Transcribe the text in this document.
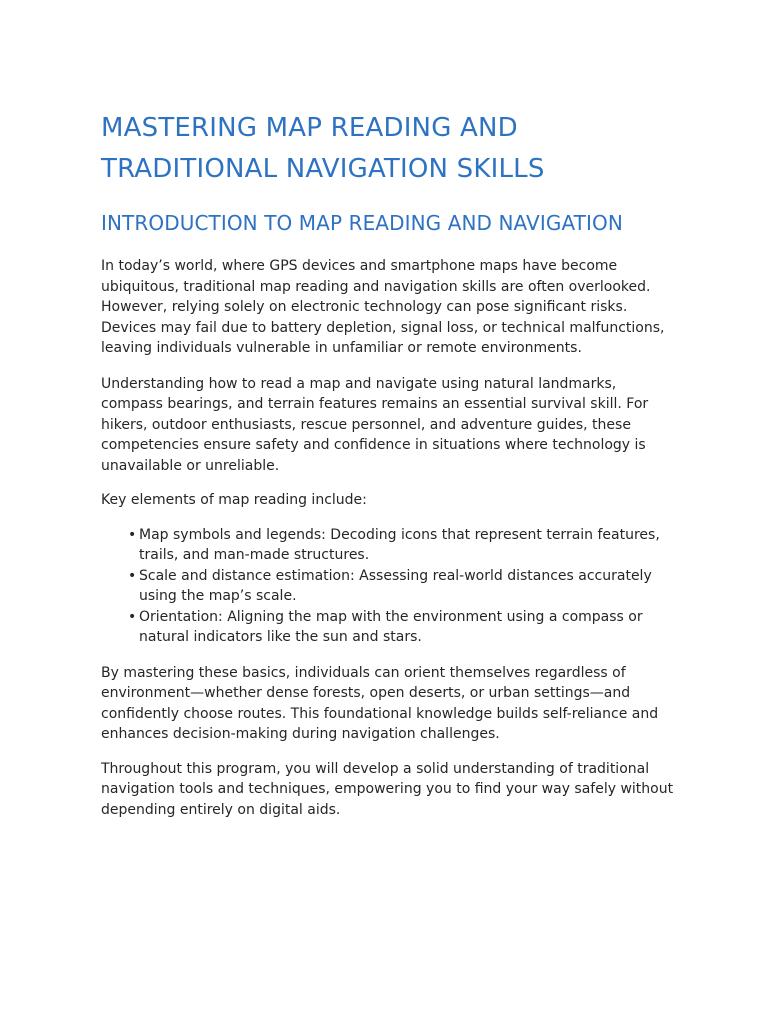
MASTERING MAP READING AND TRADITIONAL NAVIGATION SKILLS
INTRODUCTION TO MAP READING AND NAVIGATION

In today’s world, where GPS devices and smartphone maps have become ubiquitous, traditional map reading and navigation skills are often overlooked. However, relying solely on electronic technology can pose significant risks. Devices may fail due to battery depletion, signal loss, or technical malfunctions, leaving individuals vulnerable in unfamiliar or remote environments.

Understanding how to read a map and navigate using natural landmarks, compass bearings, and terrain features remains an essential survival skill. For hikers, outdoor enthusiasts, rescue personnel, and adventure guides, these competencies ensure safety and confidence in situations where technology is unavailable or unreliable.

Key elements of map reading include:

• Map symbols and legends: Decoding icons that represent terrain features, trails, and man-made structures.
• Scale and distance estimation: Assessing real-world distances accurately using the map’s scale.
• Orientation: Aligning the map with the environment using a compass or natural indicators like the sun and stars.

By mastering these basics, individuals can orient themselves regardless of environment—whether dense forests, open deserts, or urban settings—and confidently choose routes. This foundational knowledge builds self-reliance and enhances decision-making during navigation challenges.

Throughout this program, you will develop a solid understanding of traditional navigation tools and techniques, empowering you to find your way safely without depending entirely on digital aids.
